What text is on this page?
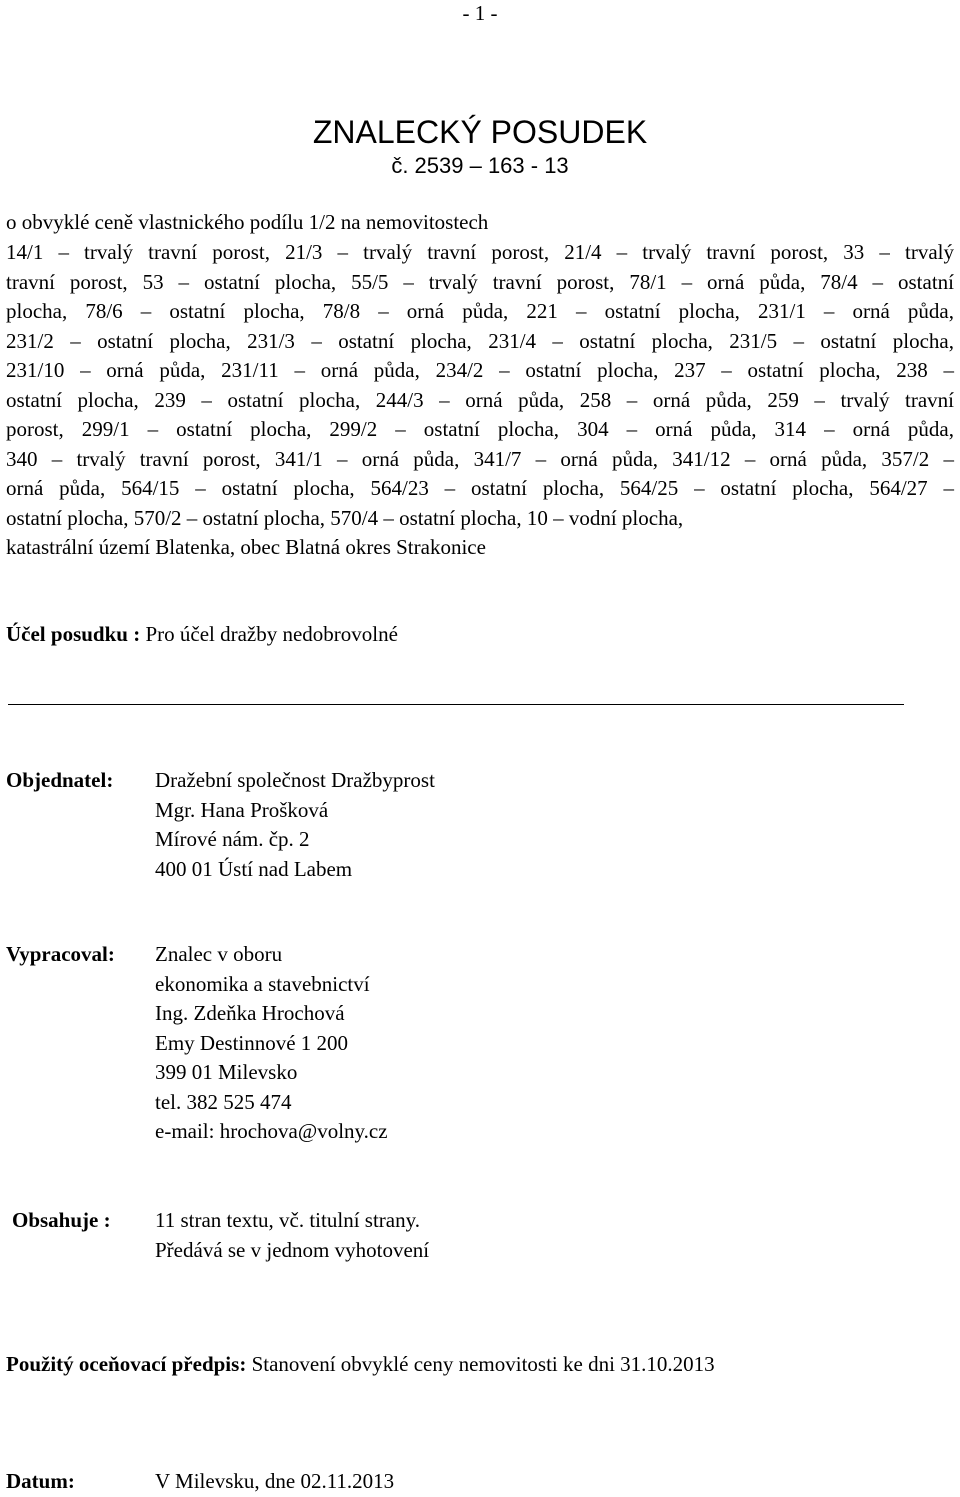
- 1 -
ZNALECKÝ POSUDEK
č. 2539 – 163 - 13
o obvyklé ceně vlastnického podílu 1/2 na nemovitostech
14/1 – trvalý travní porost, 21/3 – trvalý travní porost, 21/4 – trvalý travní porost, 33 – trvalý
travní porost, 53 – ostatní plocha, 55/5 – trvalý travní porost, 78/1 – orná půda, 78/4 – ostatní
plocha, 78/6 – ostatní plocha, 78/8 – orná půda, 221 – ostatní plocha, 231/1 – orná půda,
231/2 – ostatní plocha, 231/3 – ostatní plocha, 231/4 – ostatní plocha, 231/5 – ostatní plocha,
231/10 – orná půda, 231/11 – orná půda, 234/2 – ostatní plocha, 237 – ostatní plocha, 238 –
ostatní plocha, 239 – ostatní plocha, 244/3 – orná půda, 258 – orná půda, 259 – trvalý travní
porost, 299/1 – ostatní plocha, 299/2 – ostatní plocha, 304 – orná půda, 314 – orná půda,
340 – trvalý travní porost, 341/1 – orná půda, 341/7 – orná půda, 341/12 – orná půda, 357/2 –
orná půda, 564/15 – ostatní plocha, 564/23 – ostatní plocha, 564/25 – ostatní plocha, 564/27 –
ostatní plocha, 570/2 – ostatní plocha, 570/4 – ostatní plocha, 10 – vodní plocha,
katastrální území Blatenka, obec Blatná okres Strakonice
Účel posudku : Pro účel dražby nedobrovolné
Objednatel: Dražební společnost Dražbyprost
Mgr. Hana Prošková
Mírové nám. čp. 2
400 01 Ústí nad Labem
Vypracoval: Znalec v oboru
ekonomika a stavebnictví
Ing. Zdeňka Hrochová
Emy Destinnové 1 200
399 01 Milevsko
tel. 382 525 474
e-mail: hrochova@volny.cz
Obsahuje : 11 stran textu, vč. titulní strany.
Předává se v jednom vyhotovení
Použitý oceňovací předpis: Stanovení obvyklé ceny nemovitosti ke dni 31.10.2013
Datum:	V Milevsku, dne 02.11.2013
